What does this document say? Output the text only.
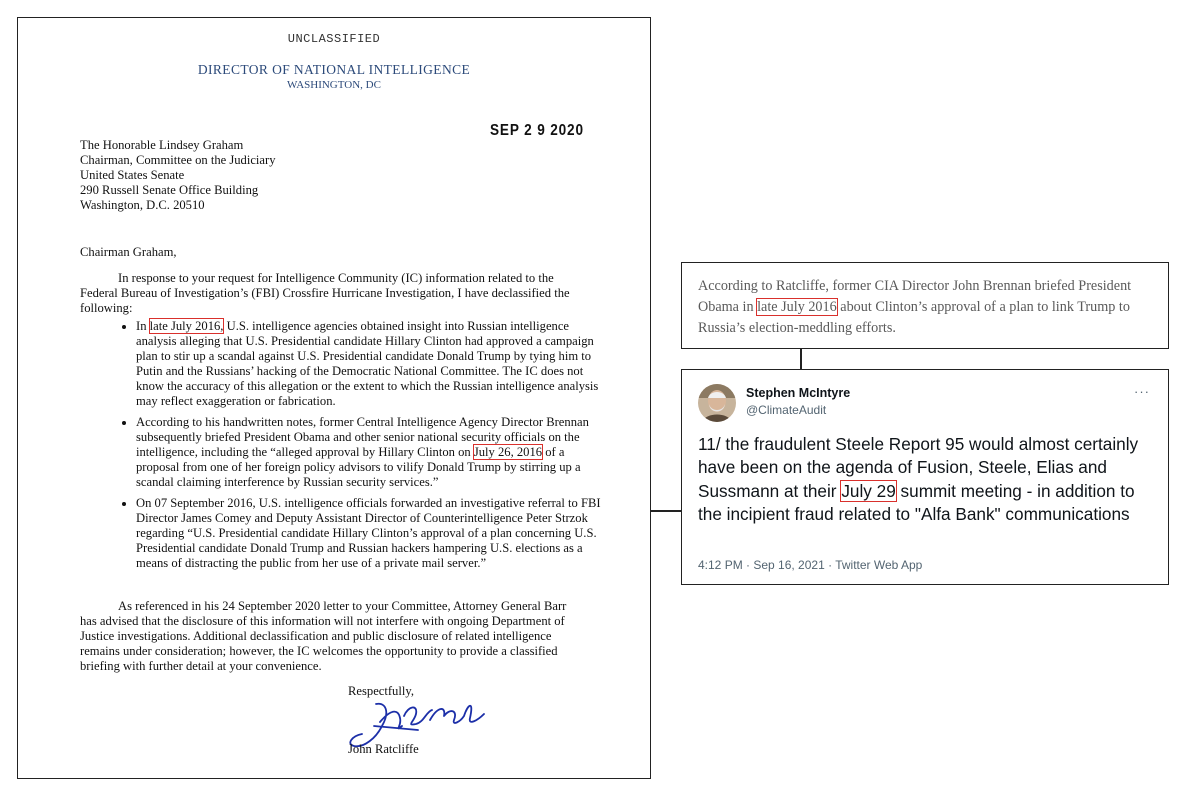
UNCLASSIFIED
DIRECTOR OF NATIONAL INTELLIGENCE
WASHINGTON, DC
SEP 2 9 2020
The Honorable Lindsey Graham
Chairman, Committee on the Judiciary
United States Senate
290 Russell Senate Office Building
Washington, D.C. 20510
Chairman Graham,

In response to your request for Intelligence Community (IC) information related to the Federal Bureau of Investigation’s (FBI) Crossfire Hurricane Investigation, I have declassified the following:

• In late July 2016, U.S. intelligence agencies obtained insight into Russian intelligence analysis alleging that U.S. Presidential candidate Hillary Clinton had approved a campaign plan to stir up a scandal against U.S. Presidential candidate Donald Trump by tying him to Putin and the Russians’ hacking of the Democratic National Committee. The IC does not know the accuracy of this allegation or the extent to which the Russian intelligence analysis may reflect exaggeration or fabrication.
• According to his handwritten notes, former Central Intelligence Agency Director Brennan subsequently briefed President Obama and other senior national security officials on the intelligence, including the “alleged approval by Hillary Clinton on July 26, 2016 of a proposal from one of her foreign policy advisors to vilify Donald Trump by stirring up a scandal claiming interference by Russian security services.”
• On 07 September 2016, U.S. intelligence officials forwarded an investigative referral to FBI Director James Comey and Deputy Assistant Director of Counterintelligence Peter Strzok regarding “U.S. Presidential candidate Hillary Clinton’s approval of a plan concerning U.S. Presidential candidate Donald Trump and Russian hackers hampering U.S. elections as a means of distracting the public from her use of a private mail server.”

As referenced in his 24 September 2020 letter to your Committee, Attorney General Barr has advised that the disclosure of this information will not interfere with ongoing Department of Justice investigations. Additional declassification and public disclosure of related intelligence remains under consideration; however, the IC welcomes the opportunity to provide a classified briefing with further detail at your convenience.

Respectfully,
John Ratcliffe
According to Ratcliffe, former CIA Director John Brennan briefed President Obama in late July 2016 about Clinton’s approval of a plan to link Trump to Russia’s election-meddling efforts.
Stephen McIntyre
@ClimateAudit
···
11/ the fraudulent Steele Report 95 would almost certainly have been on the agenda of Fusion, Steele, Elias and Sussmann at their July 29 summit meeting - in addition to the incipient fraud related to "Alfa Bank" communications
4:12 PM · Sep 16, 2021 · Twitter Web App
